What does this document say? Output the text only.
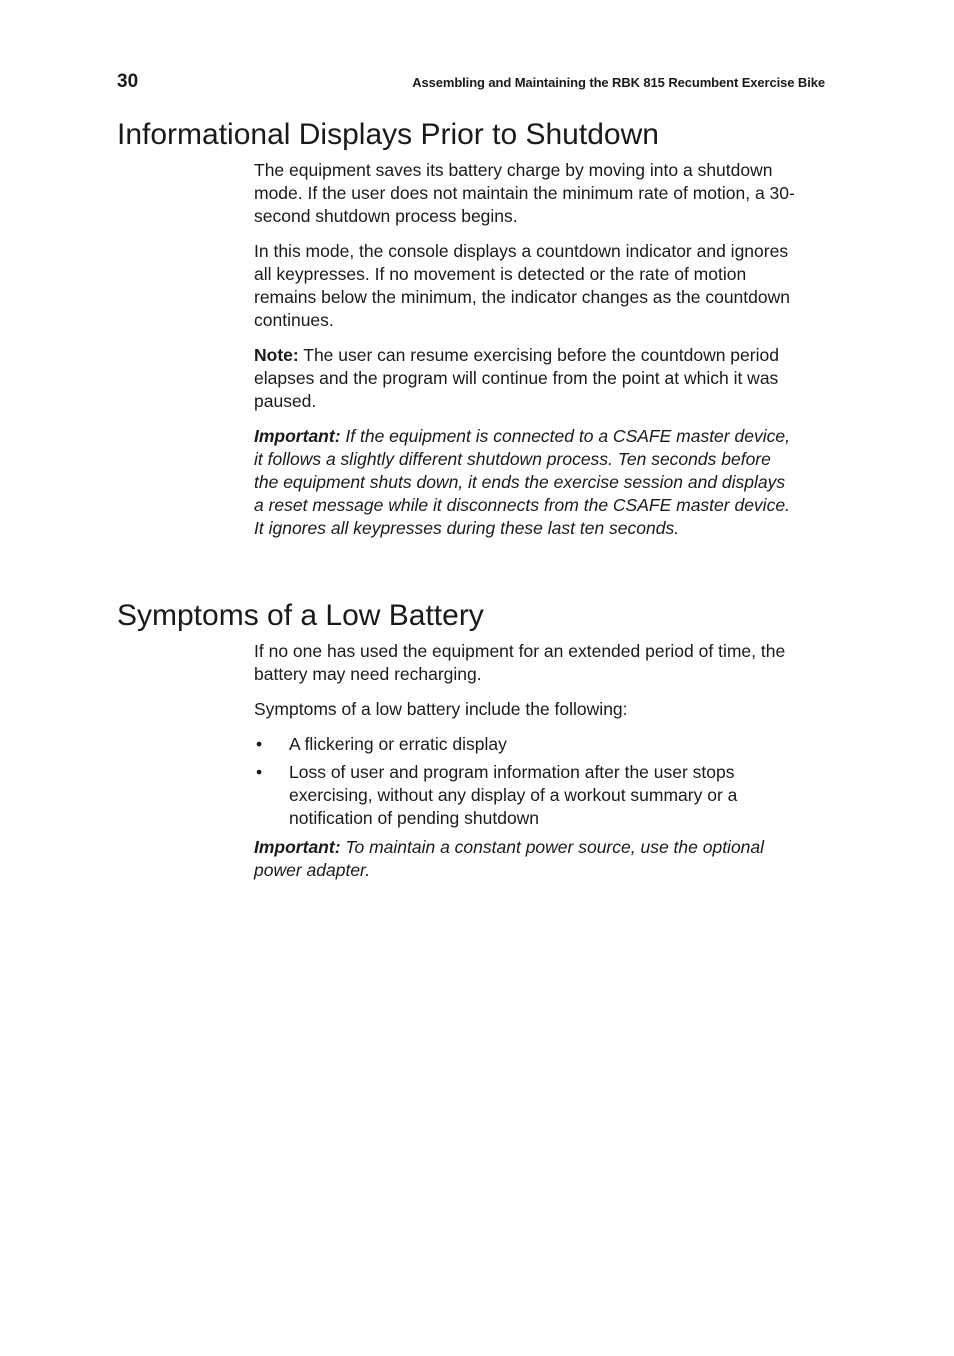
30	Assembling and Maintaining the RBK 815 Recumbent Exercise Bike
Informational Displays Prior to Shutdown

The equipment saves its battery charge by moving into a shutdown mode. If the user does not maintain the minimum rate of motion, a 30-second shutdown process begins.

In this mode, the console displays a countdown indicator and ignores all keypresses. If no movement is detected or the rate of motion remains below the minimum, the indicator changes as the countdown continues.

Note: The user can resume exercising before the countdown period elapses and the program will continue from the point at which it was paused.

Important: If the equipment is connected to a CSAFE master device, it follows a slightly different shutdown process. Ten seconds before the equipment shuts down, it ends the exercise session and displays a reset message while it disconnects from the CSAFE master device. It ignores all keypresses during these last ten seconds.

Symptoms of a Low Battery

If no one has used the equipment for an extended period of time, the battery may need recharging.

Symptoms of a low battery include the following:

• A flickering or erratic display
• Loss of user and program information after the user stops exercising, without any display of a workout summary or a notification of pending shutdown

Important: To maintain a constant power source, use the optional power adapter.
